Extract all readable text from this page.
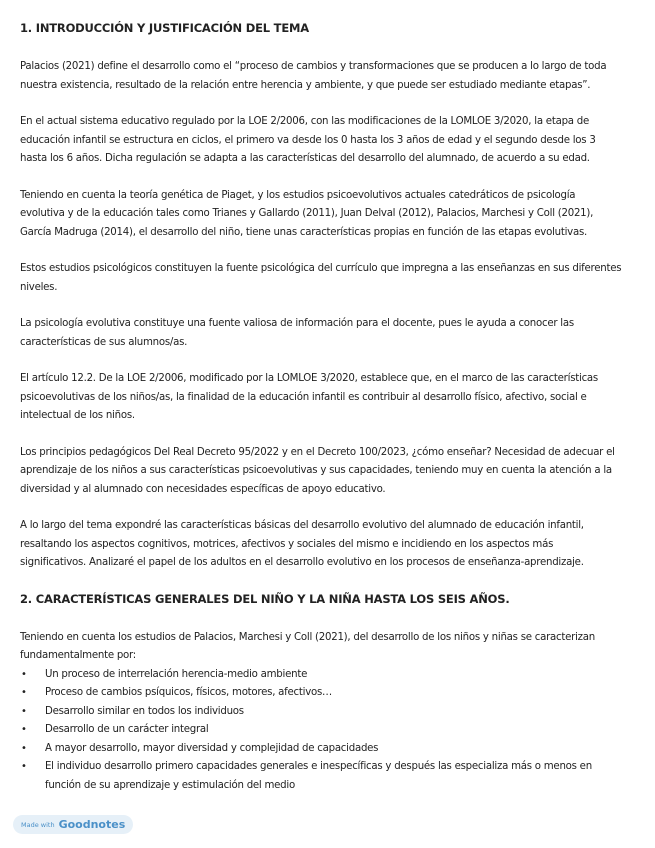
1. INTRODUCCIÓN Y JUSTIFICACIÓN DEL TEMA

Palacios (2021) define el desarrollo como el “proceso de cambios y transformaciones que se producen a lo largo de toda nuestra existencia, resultado de la relación entre herencia y ambiente, y que puede ser estudiado mediante etapas”.

En el actual sistema educativo regulado por la LOE 2/2006, con las modificaciones de la LOMLOE 3/2020, la etapa de educación infantil se estructura en ciclos, el primero va desde los 0 hasta los 3 años de edad y el segundo desde los 3 hasta los 6 años. Dicha regulación se adapta a las características del desarrollo del alumnado, de acuerdo a su edad.

Teniendo en cuenta la teoría genética de Piaget, y los estudios psicoevolutivos actuales catedráticos de psicología evolutiva y de la educación tales como Trianes y Gallardo (2011), Juan Delval (2012), Palacios, Marchesi y Coll (2021), García Madruga (2014), el desarrollo del niño, tiene unas características propias en función de las etapas evolutivas.

Estos estudios psicológicos constituyen la fuente psicológica del currículo que impregna a las enseñanzas en sus diferentes niveles.

La psicología evolutiva constituye una fuente valiosa de información para el docente, pues le ayuda a conocer las características de sus alumnos/as.

El artículo 12.2. De la LOE 2/2006, modificado por la LOMLOE 3/2020, establece que, en el marco de las características psicoevolutivas de los niños/as, la finalidad de la educación infantil es contribuir al desarrollo físico, afectivo, social e intelectual de los niños.

Los principios pedagógicos Del Real Decreto 95/2022 y en el Decreto 100/2023, ¿cómo enseñar? Necesidad de adecuar el aprendizaje de los niños a sus características psicoevolutivas y sus capacidades, teniendo muy en cuenta la atención a la diversidad y al alumnado con necesidades específicas de apoyo educativo.

A lo largo del tema expondré las características básicas del desarrollo evolutivo del alumnado de educación infantil, resaltando los aspectos cognitivos, motrices, afectivos y sociales del mismo e incidiendo en los aspectos más significativos. Analizaré el papel de los adultos en el desarrollo evolutivo en los procesos de enseñanza-aprendizaje.

2. CARACTERÍSTICAS GENERALES DEL NIÑO Y LA NIÑA HASTA LOS SEIS AÑOS.

Teniendo en cuenta los estudios de Palacios, Marchesi y Coll (2021), del desarrollo de los niños y niñas se caracterizan fundamentalmente por:

• Un proceso de interrelación herencia-medio ambiente
• Proceso de cambios psíquicos, físicos, motores, afectivos…
• Desarrollo similar en todos los individuos
• Desarrollo de un carácter integral
• A mayor desarrollo, mayor diversidad y complejidad de capacidades
• El individuo desarrollo primero capacidades generales e inespecíficas y después las especializa más o menos en función de su aprendizaje y estimulación del medio
Made with Goodnotes
